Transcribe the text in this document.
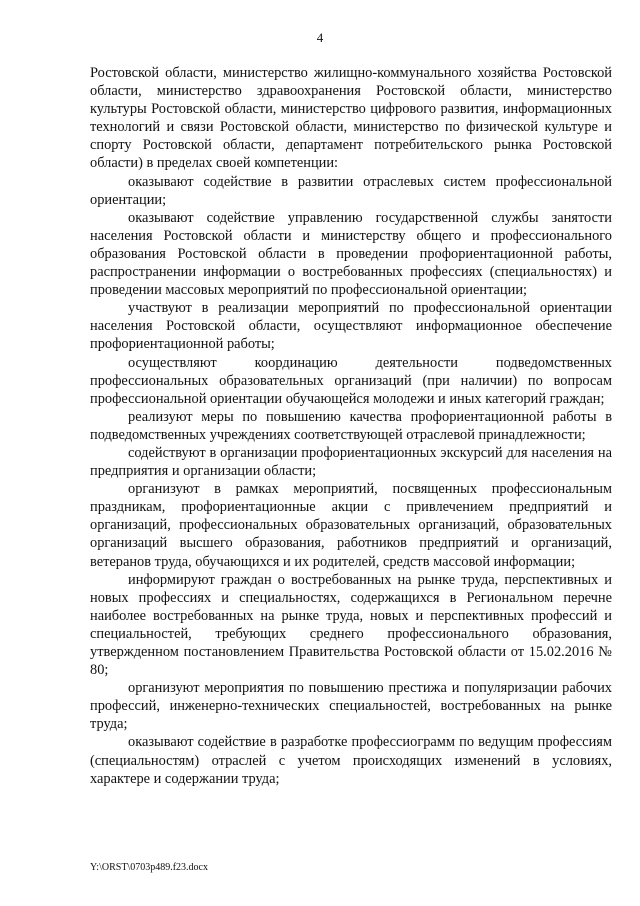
4

Ростовской области, министерство жилищно-коммунального хозяйства Ростовской области, министерство здравоохранения Ростовской области, министерство культуры Ростовской области, министерство цифрового развития, информационных технологий и связи Ростовской области, министерство по физической культуре и спорту Ростовской области, департамент потребительского рынка Ростовской области) в пределах своей компетенции:

оказывают содействие в развитии отраслевых систем профессиональной ориентации;

оказывают содействие управлению государственной службы занятости населения Ростовской области и министерству общего и профессионального образования Ростовской области в проведении профориентационной работы, распространении информации о востребованных профессиях (специальностях) и проведении массовых мероприятий по профессиональной ориентации;

участвуют в реализации мероприятий по профессиональной ориентации населения Ростовской области, осуществляют информационное обеспечение профориентационной работы;

осуществляют координацию деятельности подведомственных профессиональных образовательных организаций (при наличии) по вопросам профессиональной ориентации обучающейся молодежи и иных категорий граждан;

реализуют меры по повышению качества профориентационной работы в подведомственных учреждениях соответствующей отраслевой принадлежности;

содействуют в организации профориентационных экскурсий для населения на предприятия и организации области;

организуют в рамках мероприятий, посвященных профессиональным праздникам, профориентационные акции с привлечением предприятий и организаций, профессиональных образовательных организаций, образовательных организаций высшего образования, работников предприятий и организаций, ветеранов труда, обучающихся и их родителей, средств массовой информации;

информируют граждан о востребованных на рынке труда, перспективных и новых профессиях и специальностях, содержащихся в Региональном перечне наиболее востребованных на рынке труда, новых и перспективных профессий и специальностей, требующих среднего профессионального образования, утвержденном постановлением Правительства Ростовской области от 15.02.2016 № 80;

организуют мероприятия по повышению престижа и популяризации рабочих профессий, инженерно-технических специальностей, востребованных на рынке труда;

оказывают содействие в разработке профессиограмм по ведущим профессиям (специальностям) отраслей с учетом происходящих изменений в условиях, характере и содержании труда;

Y:\ORST\0703p489.f23.docx
